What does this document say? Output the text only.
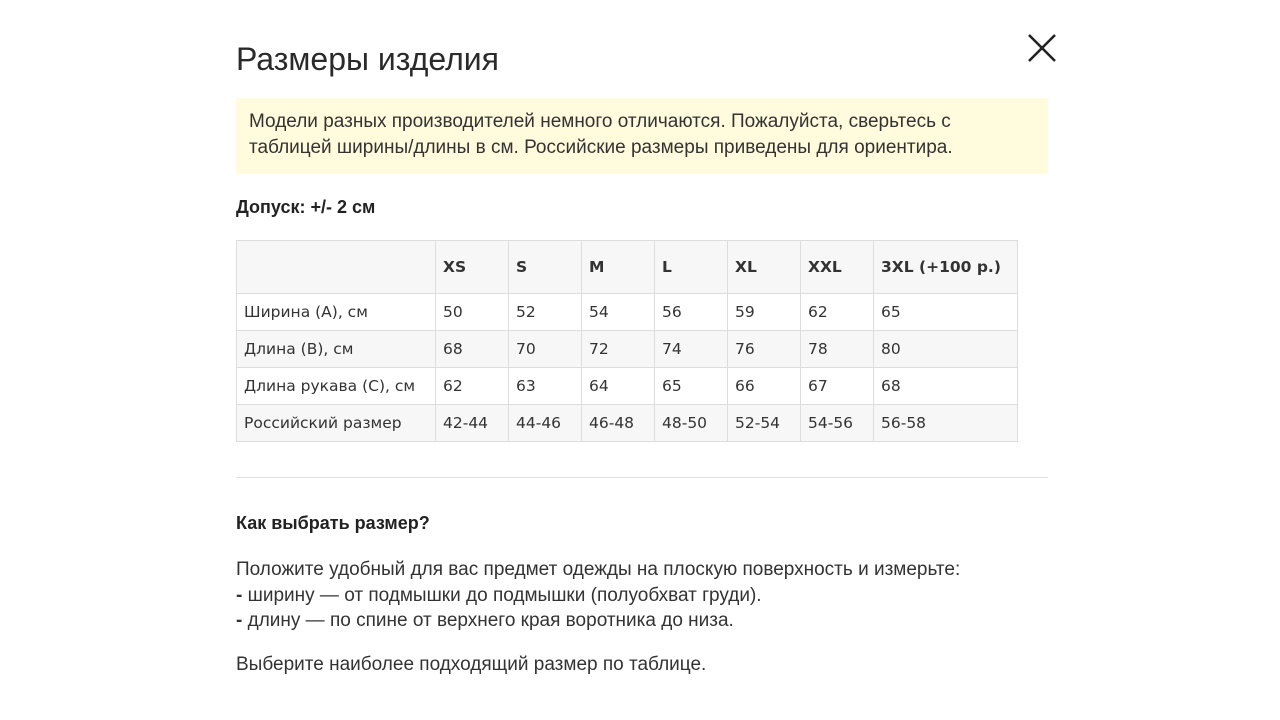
Размеры изделия
Модели разных производителей немного отличаются. Пожалуйста, сверьтесь с таблицей ширины/длины в см. Российские размеры приведены для ориентира.
Допуск: +/- 2 см
	XS	S	M	L	XL	XXL	3XL (+100 р.)
Ширина (A), см	50	52	54	56	59	62	65
Длина (B), см	68	70	72	74	76	78	80
Длина рукава (C), см	62	63	64	65	66	67	68
Российский размер	42-44	44-46	46-48	48-50	52-54	54-56	56-58
Как выбрать размер?
Положите удобный для вас предмет одежды на плоскую поверхность и измерьте:
- ширину — от подмышки до подмышки (полуобхват груди).
- длину — по спине от верхнего края воротника до низа.
Выберите наиболее подходящий размер по таблице.
